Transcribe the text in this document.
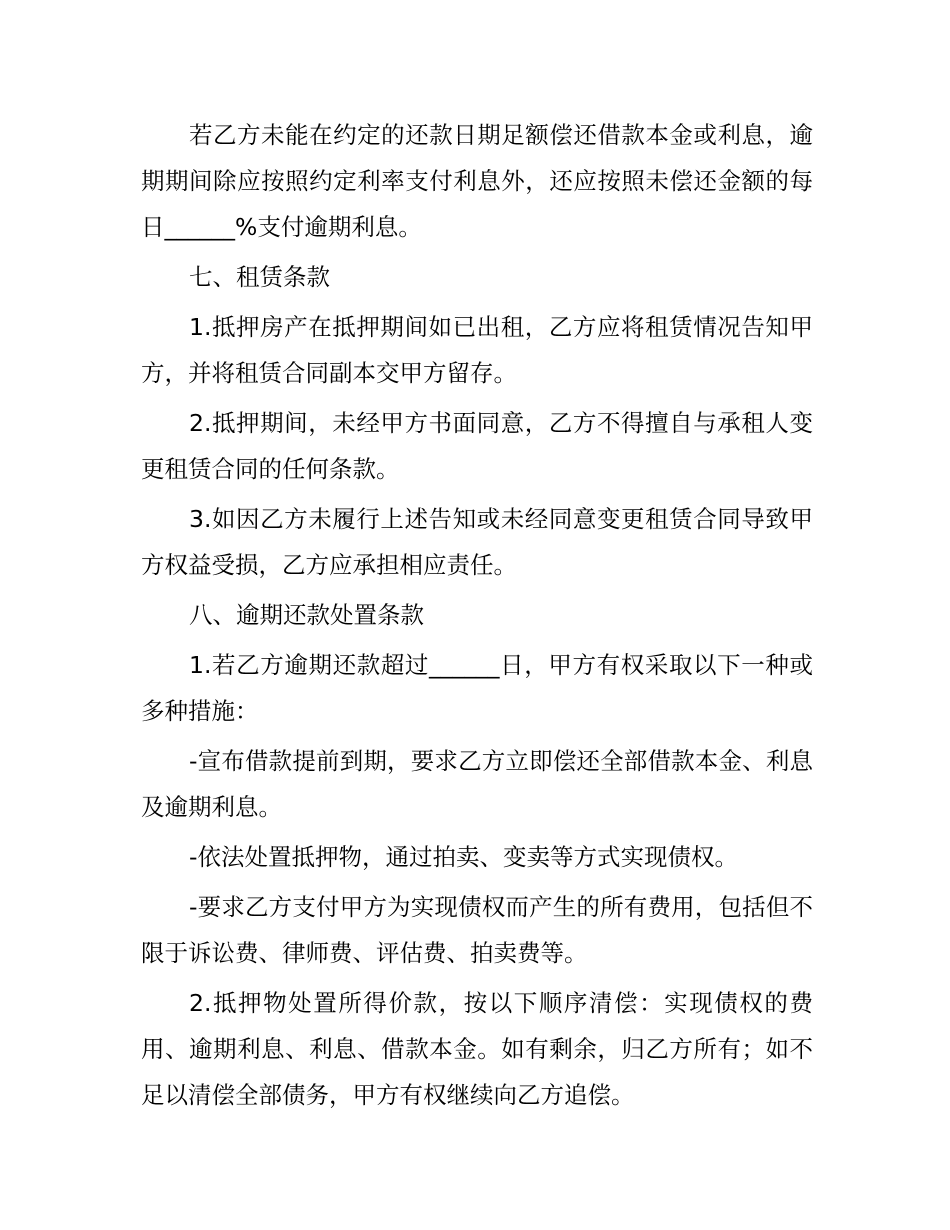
若乙方未能在约定的还款日期足额偿还借款本金或利息，逾期期间除应按照约定利率支付利息外，还应按照未偿还金额的每日______%支付逾期利息。

七、租赁条款

1.抵押房产在抵押期间如已出租，乙方应将租赁情况告知甲方，并将租赁合同副本交甲方留存。

2.抵押期间，未经甲方书面同意，乙方不得擅自与承租人变更租赁合同的任何条款。

3.如因乙方未履行上述告知或未经同意变更租赁合同导致甲方权益受损，乙方应承担相应责任。

八、逾期还款处置条款

1.若乙方逾期还款超过______日，甲方有权采取以下一种或多种措施：

-宣布借款提前到期，要求乙方立即偿还全部借款本金、利息及逾期利息。

-依法处置抵押物，通过拍卖、变卖等方式实现债权。

-要求乙方支付甲方为实现债权而产生的所有费用，包括但不限于诉讼费、律师费、评估费、拍卖费等。

2.抵押物处置所得价款，按以下顺序清偿：实现债权的费用、逾期利息、利息、借款本金。如有剩余，归乙方所有；如不足以清偿全部债务，甲方有权继续向乙方追偿。
